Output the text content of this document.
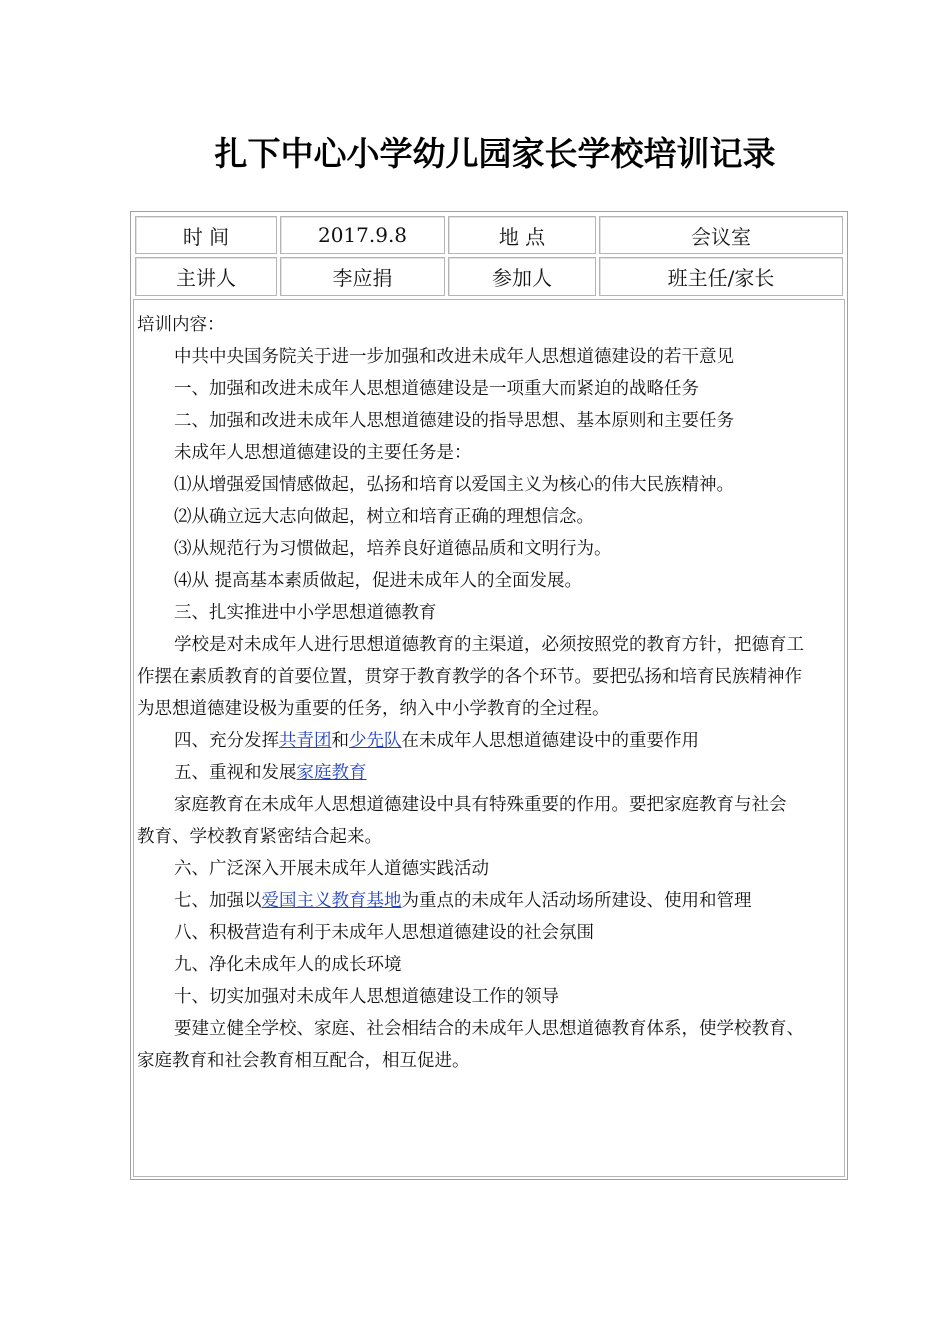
扎下中心小学幼儿园家长学校培训记录
时 间	2017.9.8	地 点	会议室
主讲人	李应捐	参加人	班主任/家长

培训内容：

中共中央国务院关于进一步加强和改进未成年人思想道德建设的若干意见

一、加强和改进未成年人思想道德建设是一项重大而紧迫的战略任务

二、加强和改进未成年人思想道德建设的指导思想、基本原则和主要任务

未成年人思想道德建设的主要任务是：

⑴从增强爱国情感做起，弘扬和培育以爱国主义为核心的伟大民族精神。

⑵从确立远大志向做起，树立和培育正确的理想信念。

⑶从规范行为习惯做起，培养良好道德品质和文明行为。

⑷从 提高基本素质做起，促进未成年人的全面发展。

三、扎实推进中小学思想道德教育

学校是对未成年人进行思想道德教育的主渠道，必须按照党的教育方针，把德育工

作摆在素质教育的首要位置，贯穿于教育教学的各个环节。要把弘扬和培育民族精神作

为思想道德建设极为重要的任务，纳入中小学教育的全过程。

四、充分发挥共青团和少先队在未成年人思想道德建设中的重要作用

五、重视和发展家庭教育

家庭教育在未成年人思想道德建设中具有特殊重要的作用。要把家庭教育与社会

教育、学校教育紧密结合起来。

六、广泛深入开展未成年人道德实践活动

七、加强以爱国主义教育基地为重点的未成年人活动场所建设、使用和管理

八、积极营造有利于未成年人思想道德建设的社会氛围

九、净化未成年人的成长环境

十、切实加强对未成年人思想道德建设工作的领导

要建立健全学校、家庭、社会相结合的未成年人思想道德教育体系，使学校教育、

家庭教育和社会教育相互配合，相互促进。
